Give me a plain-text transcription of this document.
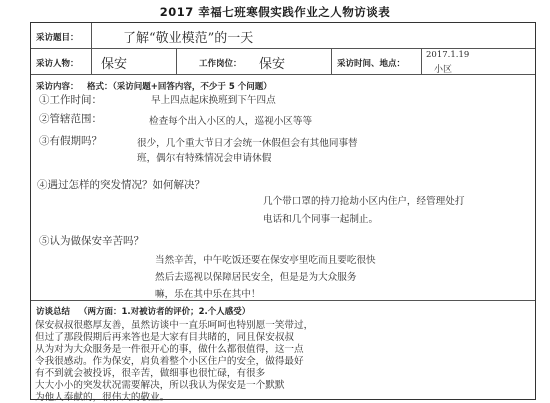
2017 幸福七班寒假实践作业之人物访谈表
采访题目：	了解“敬业模范”的一天
采访人物： 保安	工作岗位： 保安	采访时间、地点：
2017.1.19
小区
采访内容： 格式：（采访问题+回答内容，不少于 5 个问题）
①工作时间：	早上四点起床换班到下午四点
②管辖范围：	检查每个出入小区的人，巡视小区等等
③有假期吗？	很少，几个重大节日才会统一休假但会有其他同事替
班，偶尔有特殊情况会申请休假
④遇过怎样的突发情况？如何解决？
几个带口罩的持刀抢劫小区内住户，经管理处打
电话和几个同事一起制止。
⑤认为做保安辛苦吗？
当然辛苦，中午吃饭还要在保安亭里吃而且要吃很快
然后去巡视以保障居民安全，但是是为大众服务
嘛，乐在其中乐在其中！
访谈总结 （两方面：1.对被访者的评价；2.个人感受）
保安叔叔很憨厚友善，虽然访谈中一直乐呵呵也特别愿一笑带过，
但过了那段假期后再来答也是大家有目共睹的，同且保安叔叔
从为对为大众服务是一件很开心的事，做什么都很值得，这一点
令我很感动。作为保安，肩负着整个小区住户的安全，做得最好
有不到就会被投诉，很辛苦，做细事也很忙碌，有很多
大大小小的突发状况需要解决，所以我认为保安是一个默默
为他人奉献的，很伟大的敬业。
